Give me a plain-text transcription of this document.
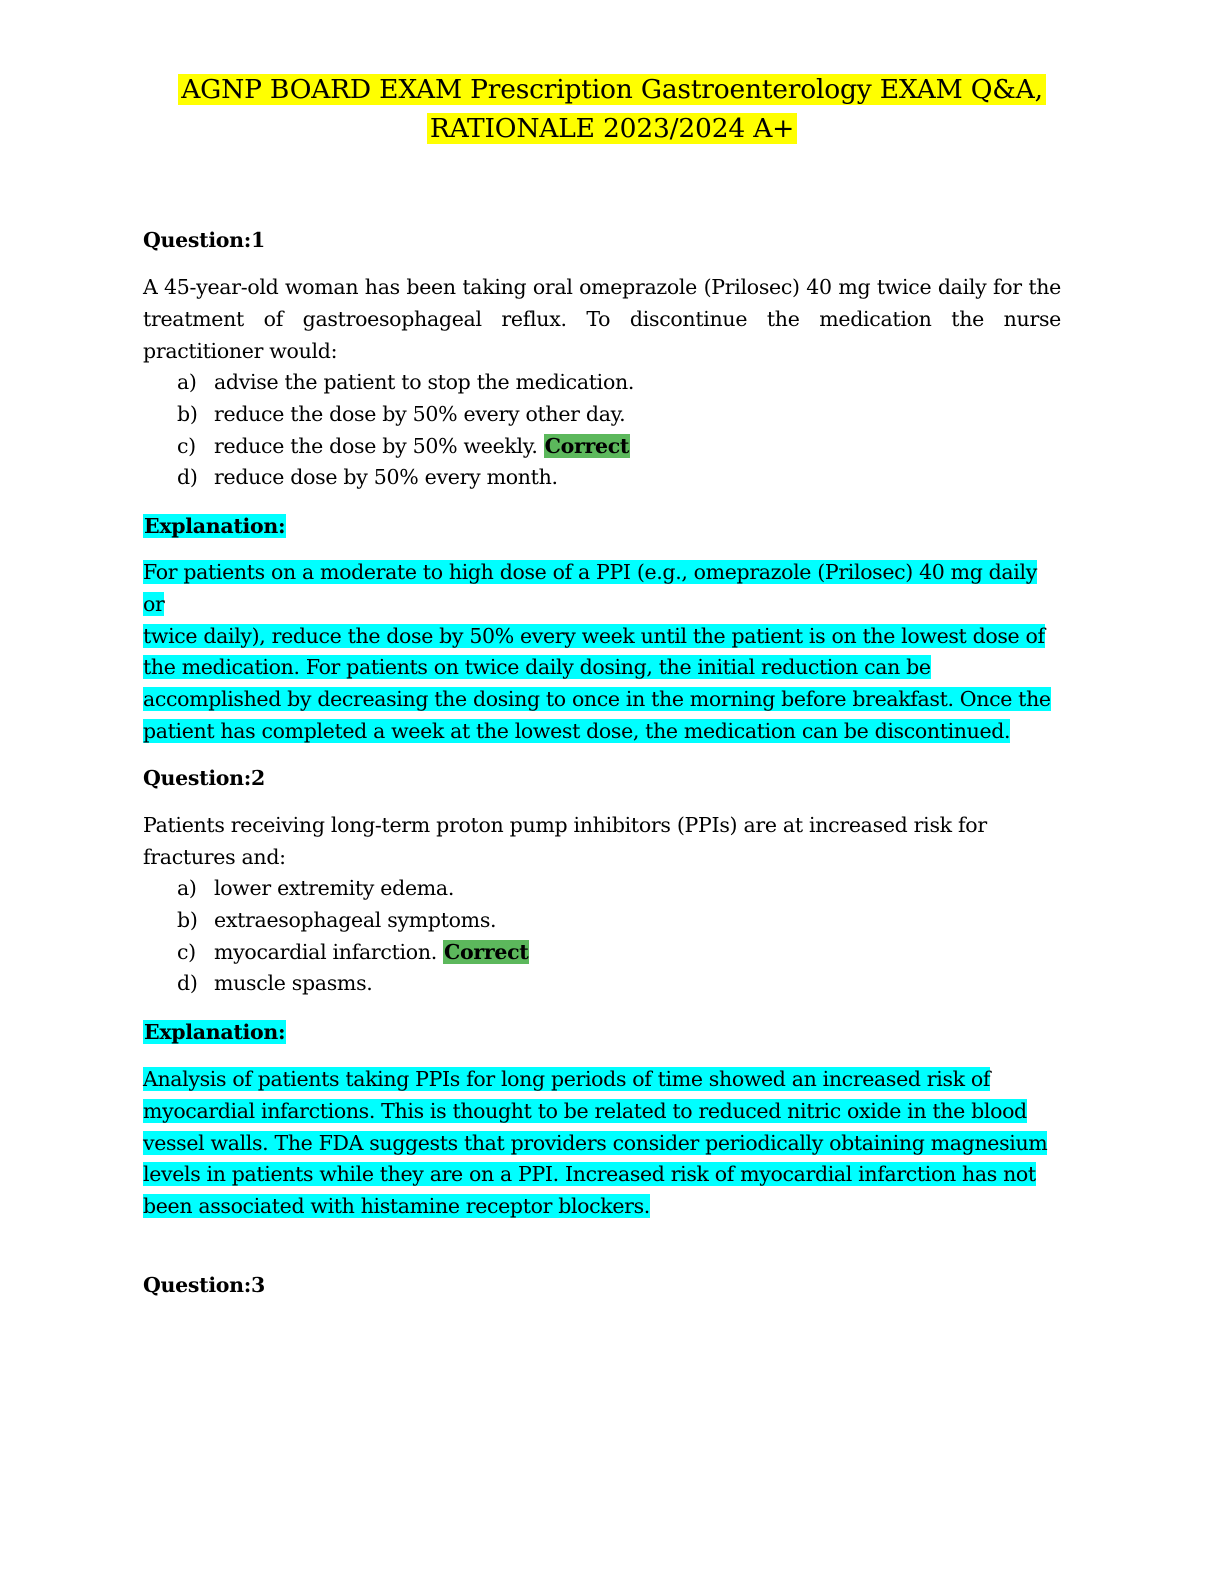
AGNP BOARD EXAM Prescription Gastroenterology EXAM Q&A,
RATIONALE 2023/2024 A+
Question:1
A 45-year-old woman has been taking oral omeprazole (Prilosec) 40 mg twice daily for the treatment of gastroesophageal reflux. To discontinue the medication the nurse practitioner would:
a) advise the patient to stop the medication.
b) reduce the dose by 50% every other day.
c) reduce the dose by 50% weekly. Correct
d) reduce dose by 50% every month.
Explanation:
For patients on a moderate to high dose of a PPI (e.g., omeprazole (Prilosec) 40 mg daily or
twice daily), reduce the dose by 50% every week until the patient is on the lowest dose of
the medication. For patients on twice daily dosing, the initial reduction can be
accomplished by decreasing the dosing to once in the morning before breakfast. Once the
patient has completed a week at the lowest dose, the medication can be discontinued.
Question:2
Patients receiving long-term proton pump inhibitors (PPIs) are at increased risk for fractures and:
a) lower extremity edema.
b) extraesophageal symptoms.
c) myocardial infarction. Correct
d) muscle spasms.
Explanation:
Analysis of patients taking PPIs for long periods of time showed an increased risk of
myocardial infarctions. This is thought to be related to reduced nitric oxide in the blood
vessel walls. The FDA suggests that providers consider periodically obtaining magnesium
levels in patients while they are on a PPI. Increased risk of myocardial infarction has not
been associated with histamine receptor blockers.
Question:3
